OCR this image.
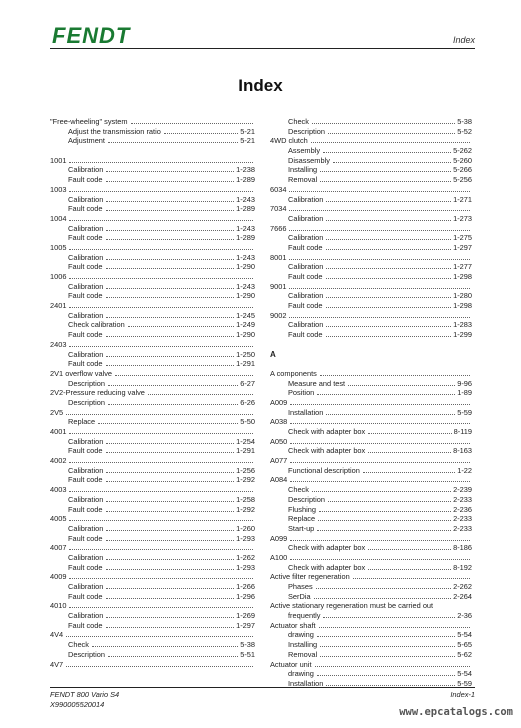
FENDT	Index
Index
"Free-wheeling" system
Adjust the transmission ratio	5-21
Adjustment	5-21
1001
Calibration	1-238
Fault code	1-289
1003
Calibration	1-243
Fault code	1-289
1004
Calibration	1-243
Fault code	1-289
1005
Calibration	1-243
Fault code	1-290
1006
Calibration	1-243
Fault code	1-290
2401
Calibration	1-245
Check calibration	1-249
Fault code	1-290
2403
Calibration	1-250
Fault code	1-291
2V1 overflow valve
Description	6-27
2V2-Pressure reducing valve
Description	6-26
2V5
Replace	5-50
4001
Calibration	1-254
Fault code	1-291
4002
Calibration	1-256
Fault code	1-292
4003
Calibration	1-258
Fault code	1-292
4005
Calibration	1-260
Fault code	1-293
4007
Calibration	1-262
Fault code	1-293
4009
Calibration	1-266
Fault code	1-296
4010
Calibration	1-269
Fault code	1-297
4V4
Check	5-38
Description	5-51
4V7
Check	5-38
Description	5-52
4WD clutch
Assembly	5-262
Disassembly	5-260
Installing	5-266
Removal	5-256
6034
Calibration	1-271
7034
Calibration	1-273
7666
Calibration	1-275
Fault code	1-297
8001
Calibration	1-277
Fault code	1-298
9001
Calibration	1-280
Fault code	1-298
9002
Calibration	1-283
Fault code	1-299
A
A components
Measure and test	9-96
Position	1-89
A009
Installation	5-59
A038
Check with adapter box	8-119
A050
Check with adapter box	8-163
A077
Functional description	1-22
A084
Check	2-239
Description	2-233
Flushing	2-236
Replace	2-233
Start-up	2-233
A099
Check with adapter box	8-186
A100
Check with adapter box	8-192
Active filter regeneration
Phases	2-262
SerDia	2-264
Active stationary regeneration must be carried out
frequently	2-36
Actuator shaft
drawing	5-54
Installing	5-65
Removal	5-62
Actuator unit
drawing	5-54
Installation	5-59
FENDT 800 Vario S4
X990005520014
Index-1
www.epcatalogs.com
